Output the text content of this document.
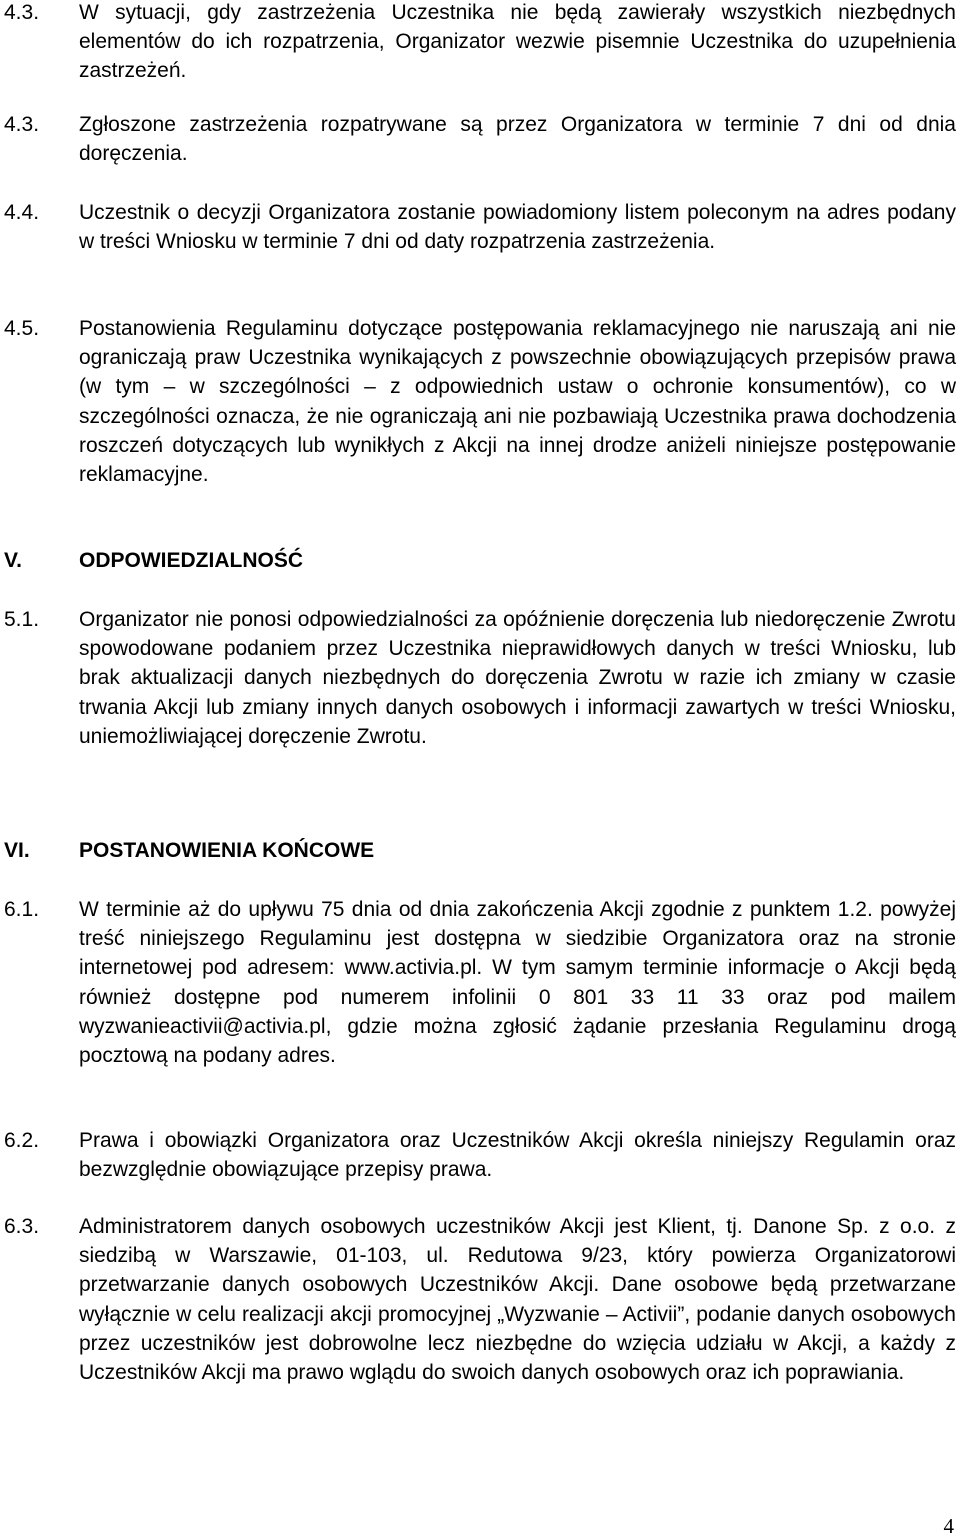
4.3. W sytuacji, gdy zastrzeżenia Uczestnika nie będą zawierały wszystkich niezbędnych elementów do ich rozpatrzenia, Organizator wezwie pisemnie Uczestnika do uzupełnienia zastrzeżeń.
4.3. Zgłoszone zastrzeżenia rozpatrywane są przez Organizatora w terminie 7 dni od dnia doręczenia.
4.4. Uczestnik o decyzji Organizatora zostanie powiadomiony listem poleconym na adres podany w treści Wniosku w terminie 7 dni od daty rozpatrzenia zastrzeżenia.
4.5. Postanowienia Regulaminu dotyczące postępowania reklamacyjnego nie naruszają ani nie ograniczają praw Uczestnika wynikających z powszechnie obowiązujących przepisów prawa (w tym – w szczególności – z odpowiednich ustaw o ochronie konsumentów), co w szczególności oznacza, że nie ograniczają ani nie pozbawiają Uczestnika prawa dochodzenia roszczeń dotyczących lub wynikłych z Akcji na innej drodze aniżeli niniejsze postępowanie reklamacyjne.
V.	ODPOWIEDZIALNOŚĆ
5.1. Organizator nie ponosi odpowiedzialności za opóźnienie doręczenia lub niedoręczenie Zwrotu spowodowane podaniem przez Uczestnika nieprawidłowych danych w treści Wniosku, lub brak aktualizacji danych niezbędnych do doręczenia Zwrotu w razie ich zmiany w czasie trwania Akcji lub zmiany innych danych osobowych i informacji zawartych w treści Wniosku, uniemożliwiającej doręczenie Zwrotu.
VI. POSTANOWIENIA KOŃCOWE
6.1. W terminie aż do upływu 75 dnia od dnia zakończenia Akcji zgodnie z punktem 1.2. powyżej treść niniejszego Regulaminu jest dostępna w siedzibie Organizatora oraz na stronie internetowej pod adresem: www.activia.pl. W tym samym terminie informacje o Akcji będą również dostępne pod numerem infolinii 0 801 33 11 33 oraz pod mailem wyzwanieactivii@activia.pl, gdzie można zgłosić żądanie przesłania Regulaminu drogą pocztową na podany adres.
6.2. Prawa i obowiązki Organizatora oraz Uczestników Akcji określa niniejszy Regulamin oraz bezwzględnie obowiązujące przepisy prawa.
6.3. Administratorem danych osobowych uczestników Akcji jest Klient, tj. Danone Sp. z o.o. z siedzibą w Warszawie, 01-103, ul. Redutowa 9/23, który powierza Organizatorowi przetwarzanie danych osobowych Uczestników Akcji. Dane osobowe będą przetwarzane wyłącznie w celu realizacji akcji promocyjnej „Wyzwanie – Activii”, podanie danych osobowych przez uczestników jest dobrowolne lecz niezbędne do wzięcia udziału w Akcji, a każdy z Uczestników Akcji ma prawo wglądu do swoich danych osobowych oraz ich poprawiania.
4
